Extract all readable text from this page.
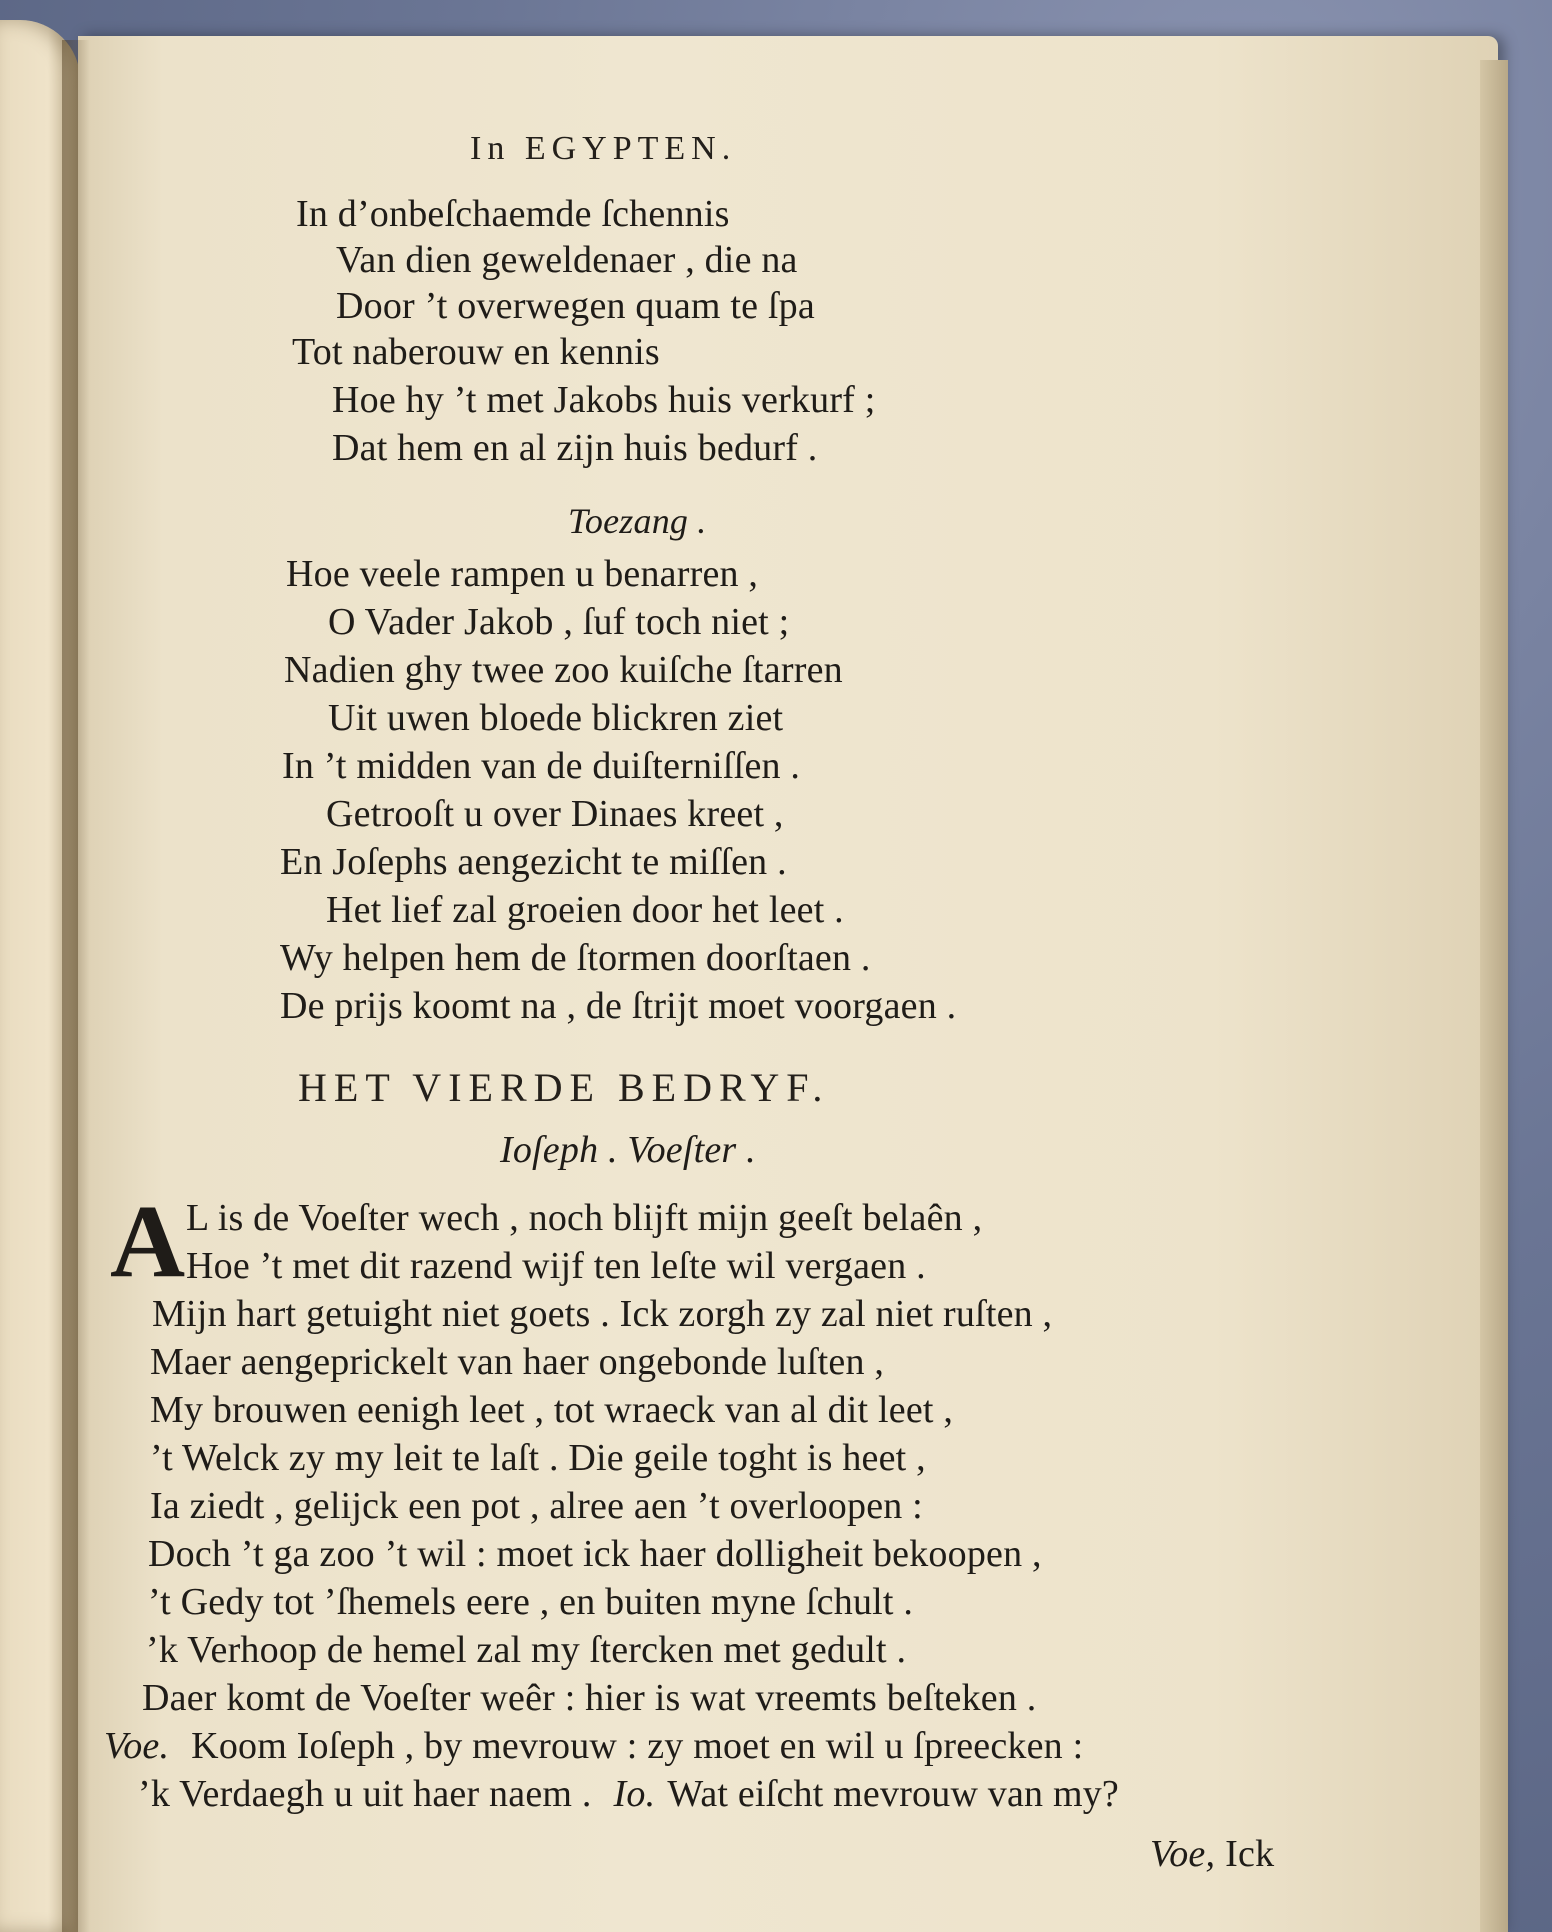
In EGYPTEN.
In d’onbeſchaemde ſchennis
Van dien geweldenaer , die na
Door ’t overwegen quam te ſpa
Tot naberouw en kennis
Hoe hy ’t met Jakobs huis verkurf ;
Dat hem en al zijn huis bedurf .
Toezang .
Hoe veele rampen u benarren ,
O Vader Jakob , ſuf toch niet ;
Nadien ghy twee zoo kuiſche ſtarren
Uit uwen bloede blickren ziet
In ’t midden van de duiſterniſſen .
Getrooſt u over Dinaes kreet ,
En Joſephs aengezicht te miſſen .
Het lief zal groeien door het leet .
Wy helpen hem de ſtormen doorſtaen .
De prijs koomt na , de ſtrijt moet voorgaen .
HET VIERDE BEDRYF.
Ioſeph . Voeſter .
A L is de Voeſter wech , noch blijft mijn geeſt belaên ,
Hoe ’t met dit razend wijf ten leſte wil vergaen .
Mijn hart getuight niet goets . Ick zorgh zy zal niet ruſten ,
Maer aengeprickelt van haer ongebonde luſten ,
My brouwen eenigh leet , tot wraeck van al dit leet ,
’t Welck zy my leit te laſt . Die geile toght is heet ,
Ia ziedt , gelijck een pot , alree aen ’t overloopen :
Doch ’t ga zoo ’t wil : moet ick haer dolligheit bekoopen ,
’t Gedy tot ’ſhemels eere , en buiten myne ſchult .
’k Verhoop de hemel zal my ſtercken met gedult .
Daer komt de Voeſter weêr : hier is wat vreemts beſteken .
Voe. Koom Ioſeph , by mevrouw : zy moet en wil u ſpreecken :
’k Verdaegh u uit haer naem . Io. Wat eiſcht mevrouw van my?
Voe, Ick
